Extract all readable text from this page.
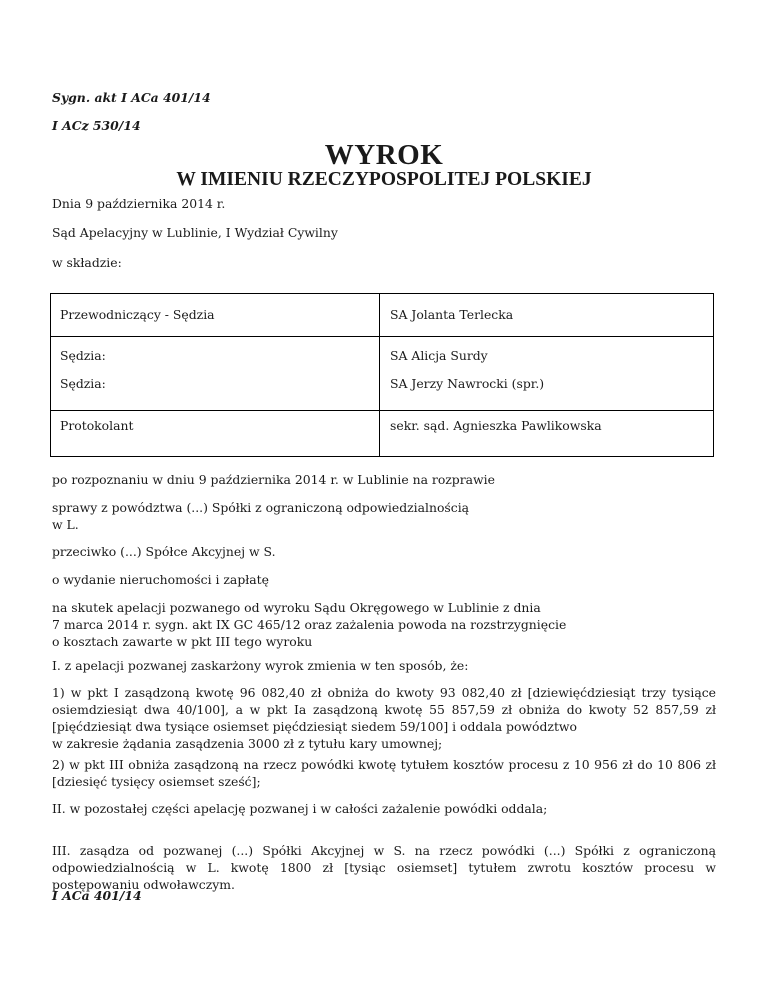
Sygn. akt I ACa 401/14

I ACz 530/14

WYROK
W IMIENIU RZECZYPOSPOLITEJ POLSKIEJ

Dnia 9 października 2014 r.

Sąd Apelacyjny w Lublinie, I Wydział Cywilny

w składzie:

Przewodniczący - Sędzia	SA Jolanta Terlecka

Sędzia:	SA Alicja Surdy

Sędzia:	SA Jerzy Nawrocki (spr.)

Protokolant	sekr. sąd. Agnieszka Pawlikowska

po rozpoznaniu w dniu 9 października 2014 r. w Lublinie na rozprawie

sprawy z powództwa (...) Spółki z ograniczoną odpowiedzialnością
w L.

przeciwko (...) Spółce Akcyjnej w S.

o wydanie nieruchomości i zapłatę

na skutek apelacji pozwanego od wyroku Sądu Okręgowego w Lublinie z dnia
7 marca 2014 r. sygn. akt IX GC 465/12 oraz zażalenia powoda na rozstrzygnięcie
o kosztach zawarte w pkt III tego wyroku

I. z apelacji pozwanej zaskarżony wyrok zmienia w ten sposób, że:

1) w pkt I zasądzoną kwotę 96 082,40 zł obniża do kwoty 93 082,40 zł [dziewięćdziesiąt trzy tysiące osiemdziesiąt dwa 40/100], a w pkt Ia zasądzoną kwotę 55 857,59 zł obniża do kwoty 52 857,59 zł [pięćdziesiąt dwa tysiące osiemset pięćdziesiąt siedem 59/100] i oddala powództwo
w zakresie żądania zasądzenia 3000 zł z tytułu kary umownej;

2) w pkt III obniża zasądzoną na rzecz powódki kwotę tytułem kosztów procesu z 10 956 zł do 10 806 zł [dziesięć tysięcy osiemset sześć];

II. w pozostałej części apelację pozwanej i w całości zażalenie powódki oddala;

III. zasądza od pozwanej (...) Spółki Akcyjnej w S. na rzecz powódki (...) Spółki z ograniczoną odpowiedzialnością w L. kwotę 1800 zł [tysiąc osiemset] tytułem zwrotu kosztów procesu w postępowaniu odwoławczym.

I ACa 401/14
